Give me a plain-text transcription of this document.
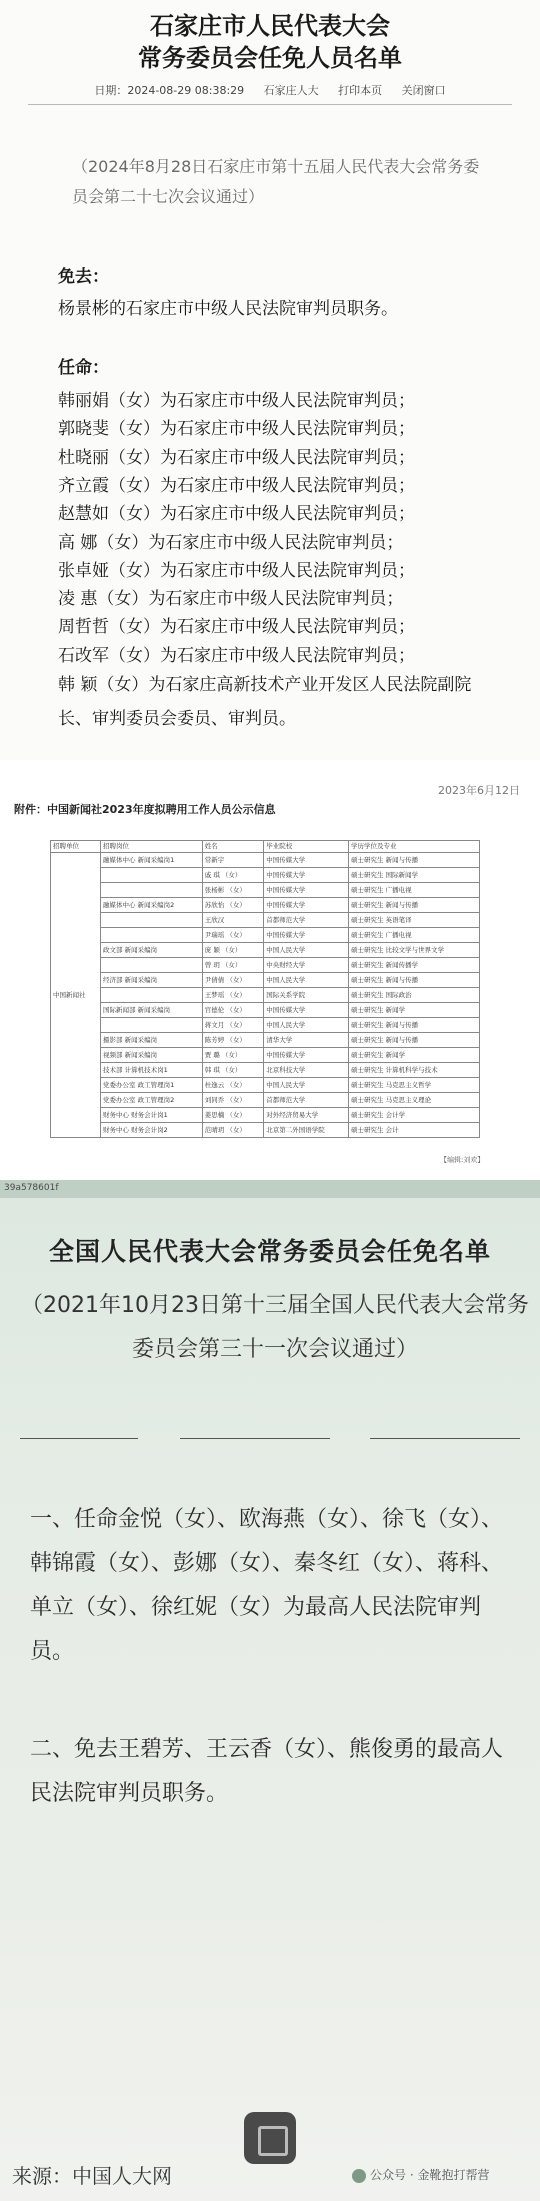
石家庄市人民代表大会
常务委员会任免人员名单
日期：2024-08-29 08:38:29 石家庄人大 打印本页 关闭窗口
（2024年8月28日石家庄市第十五届人民代表大会常务委员会第二十七次会议通过）
免去：
杨景彬的石家庄市中级人民法院审判员职务。
任命：
韩丽娟（女）为石家庄市中级人民法院审判员；
郭晓斐（女）为石家庄市中级人民法院审判员；
杜晓丽（女）为石家庄市中级人民法院审判员；
齐立霞（女）为石家庄市中级人民法院审判员；
赵慧如（女）为石家庄市中级人民法院审判员；
高 娜（女）为石家庄市中级人民法院审判员；
张卓娅（女）为石家庄市中级人民法院审判员；
凌 惠（女）为石家庄市中级人民法院审判员；
周哲哲（女）为石家庄市中级人民法院审判员；
石改军（女）为石家庄市中级人民法院审判员；
韩 颖（女）为石家庄高新技术产业开发区人民法院副院长、审判委员会委员、审判员。
2023年6月12日
附件：中国新闻社2023年度拟聘用工作人员公示信息
招聘单位	招聘岗位	姓名	毕业院校	学历学位及专业
中国新闻社	融媒体中心 新闻采编岗1	常新宇	中国传媒大学	硕士研究生 新闻与传播
		戚 琪 （女）	中国传媒大学	硕士研究生 国际新闻学
		张杨彬 （女）	中国传媒大学	硕士研究生 广播电视
	融媒体中心 新闻采编岗2	苏欣怡 （女）	中国传媒大学	硕士研究生 新闻与传播
		王欣汉	首都师范大学	硕士研究生 英语笔译
		尹瑞瑶 （女）	中国传媒大学	硕士研究生 广播电视
	政文部 新闻采编岗	庞 颖 （女）	中国人民大学	硕士研究生 比较文学与世界文学
		曾 玥 （女）	中央财经大学	硕士研究生 新闻传播学
	经济部 新闻采编岗	尹倩倩 （女）	中国人民大学	硕士研究生 新闻与传播
		王梦瑶 （女）	国际关系学院	硕士研究生 国际政治
	国际新闻部 新闻采编岗	官德伦 （女）	中国传媒大学	硕士研究生 新闻学
		蒋文月 （女）	中国人民大学	硕士研究生 新闻与传播
	摄影部 新闻采编岗	陈芳婷 （女）	清华大学	硕士研究生 新闻与传播
	视频部 新闻采编岗	贾 璐 （女）	中国传媒大学	硕士研究生 新闻学
	技术部 计算机技术岗1	韩 琪 （女）	北京科技大学	硕士研究生 计算机科学与技术
	党委办公室 政工管理岗1	杜逸云 （女）	中国人民大学	硕士研究生 马克思主义哲学
	党委办公室 政工管理岗2	刘同乔 （女）	首都师范大学	硕士研究生 马克思主义理论
	财务中心 财务会计岗1	姜思楠 （女）	对外经济贸易大学	硕士研究生 会计学
	财务中心 财务会计岗2	范晴玥 （女）	北京第二外国语学院	硕士研究生 会计
【编辑:刘欢】
39a578601f
全国人民代表大会常务委员会任免名单
（2021年10月23日第十三届全国人民代表大会常务委员会第三十一次会议通过）
一、任命金悦（女）、欧海燕（女）、徐飞（女）、韩锦霞（女）、彭娜（女）、秦冬红（女）、蒋科、单立（女）、徐红妮（女）为最高人民法院审判员。
二、免去王碧芳、王云香（女）、熊俊勇的最高人民法院审判员职务。
来源：中国人大网	公众号 · 金靴抱打帮营
